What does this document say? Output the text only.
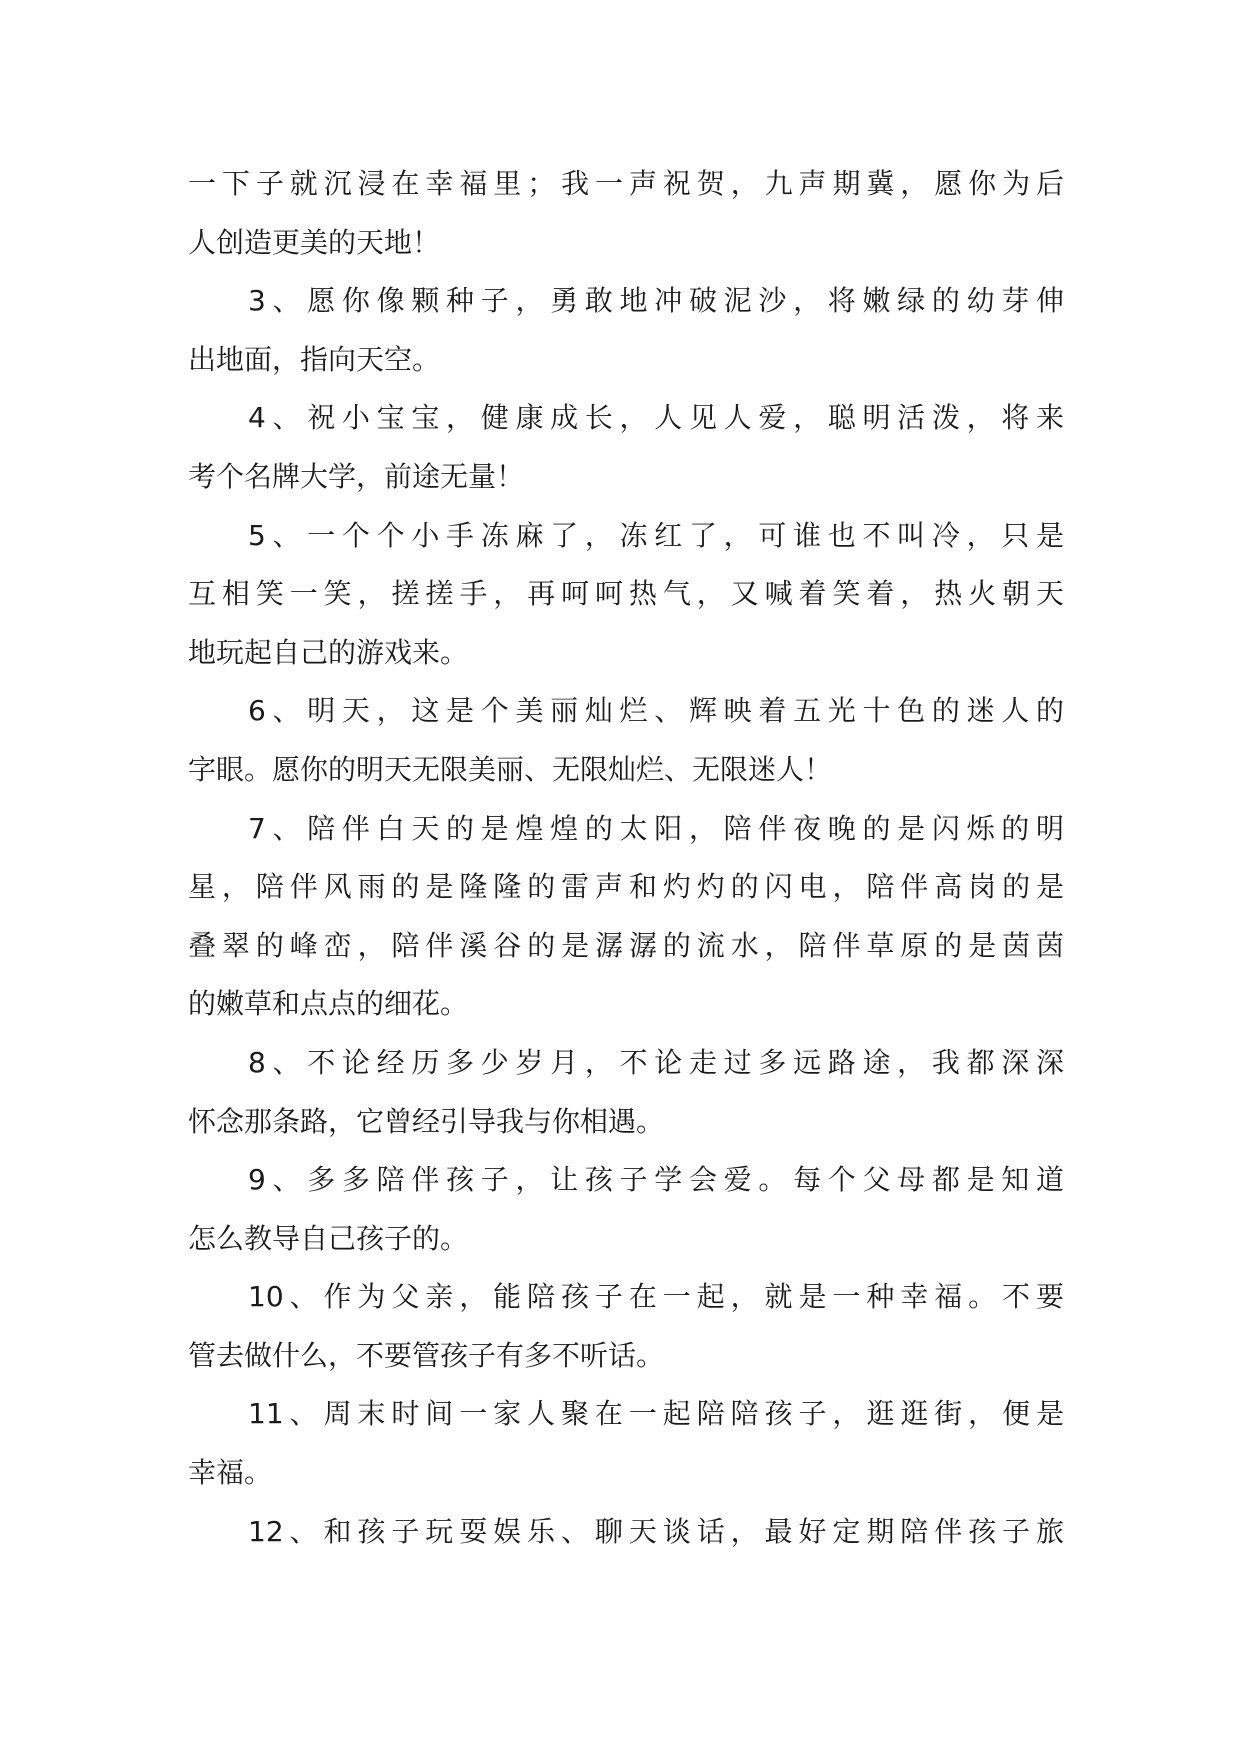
一下子就沉浸在幸福里；我一声祝贺，九声期冀，愿你为后
人创造更美的天地！
3、愿你像颗种子，勇敢地冲破泥沙，将嫩绿的幼芽伸
出地面，指向天空。
4、祝小宝宝，健康成长，人见人爱，聪明活泼，将来
考个名牌大学，前途无量！
5、一个个小手冻麻了，冻红了，可谁也不叫冷，只是
互相笑一笑，搓搓手，再呵呵热气，又喊着笑着，热火朝天
地玩起自己的游戏来。
6、明天，这是个美丽灿烂、辉映着五光十色的迷人的
字眼。愿你的明天无限美丽、无限灿烂、无限迷人！
7、陪伴白天的是煌煌的太阳，陪伴夜晚的是闪烁的明
星，陪伴风雨的是隆隆的雷声和灼灼的闪电，陪伴高岗的是
叠翠的峰峦，陪伴溪谷的是潺潺的流水，陪伴草原的是茵茵
的嫩草和点点的细花。
8、不论经历多少岁月，不论走过多远路途，我都深深
怀念那条路，它曾经引导我与你相遇。
9、多多陪伴孩子，让孩子学会爱。每个父母都是知道
怎么教导自己孩子的。
10、作为父亲，能陪孩子在一起，就是一种幸福。不要
管去做什么，不要管孩子有多不听话。
11、周末时间一家人聚在一起陪陪孩子，逛逛街，便是
幸福。
12、和孩子玩耍娱乐、聊天谈话，最好定期陪伴孩子旅
